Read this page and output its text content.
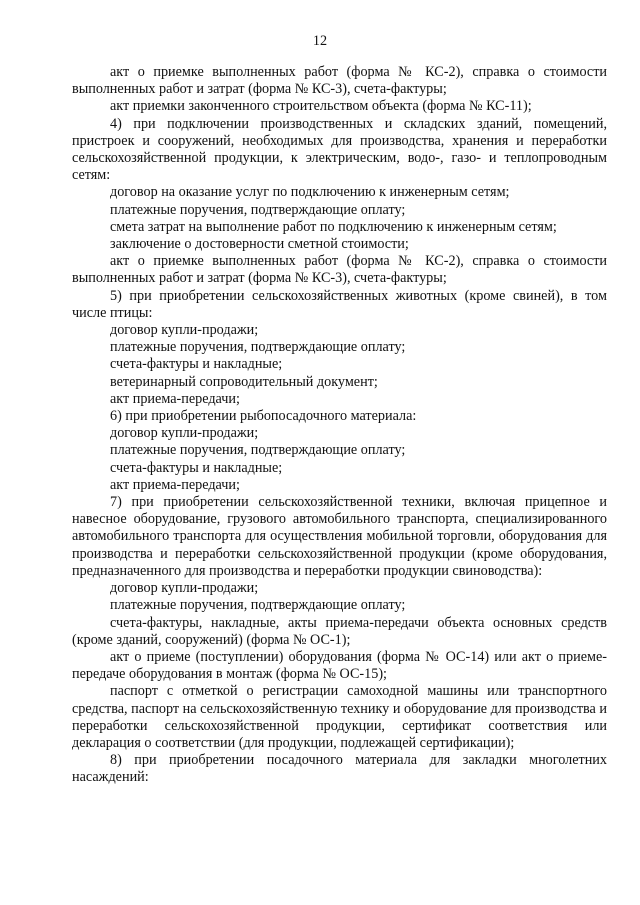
12

акт о приемке выполненных работ (форма № КС-2), справка о стоимости выполненных работ и затрат (форма № КС-3), счета-фактуры;

акт приемки законченного строительством объекта (форма № КС-11);

4) при подключении производственных и складских зданий, помещений, пристроек и сооружений, необходимых для производства, хранения и переработки сельскохозяйственной продукции, к электрическим, водо-, газо- и теплопроводным сетям:

договор на оказание услуг по подключению к инженерным сетям;

платежные поручения, подтверждающие оплату;

смета затрат на выполнение работ по подключению к инженерным сетям;

заключение о достоверности сметной стоимости;

акт о приемке выполненных работ (форма № КС-2), справка о стоимости выполненных работ и затрат (форма № КС-3), счета-фактуры;

5) при приобретении сельскохозяйственных животных (кроме свиней), в том числе птицы:

договор купли-продажи;

платежные поручения, подтверждающие оплату;

счета-фактуры и накладные;

ветеринарный сопроводительный документ;

акт приема-передачи;

6) при приобретении рыбопосадочного материала:

договор купли-продажи;

платежные поручения, подтверждающие оплату;

счета-фактуры и накладные;

акт приема-передачи;

7) при приобретении сельскохозяйственной техники, включая прицепное и навесное оборудование, грузового автомобильного транспорта, специализированного автомобильного транспорта для осуществления мобильной торговли, оборудования для производства и переработки сельскохозяйственной продукции (кроме оборудования, предназначенного для производства и переработки продукции свиноводства):

договор купли-продажи;

платежные поручения, подтверждающие оплату;

счета-фактуры, накладные, акты приема-передачи объекта основных средств (кроме зданий, сооружений) (форма № ОС-1);

акт о приеме (поступлении) оборудования (форма № ОС-14) или акт о приеме-передаче оборудования в монтаж (форма № ОС-15);

паспорт с отметкой о регистрации самоходной машины или транспортного средства, паспорт на сельскохозяйственную технику и оборудование для производства и переработки сельскохозяйственной продукции, сертификат соответствия или декларация о соответствии (для продукции, подлежащей сертификации);

8) при приобретении посадочного материала для закладки многолетних насаждений:
